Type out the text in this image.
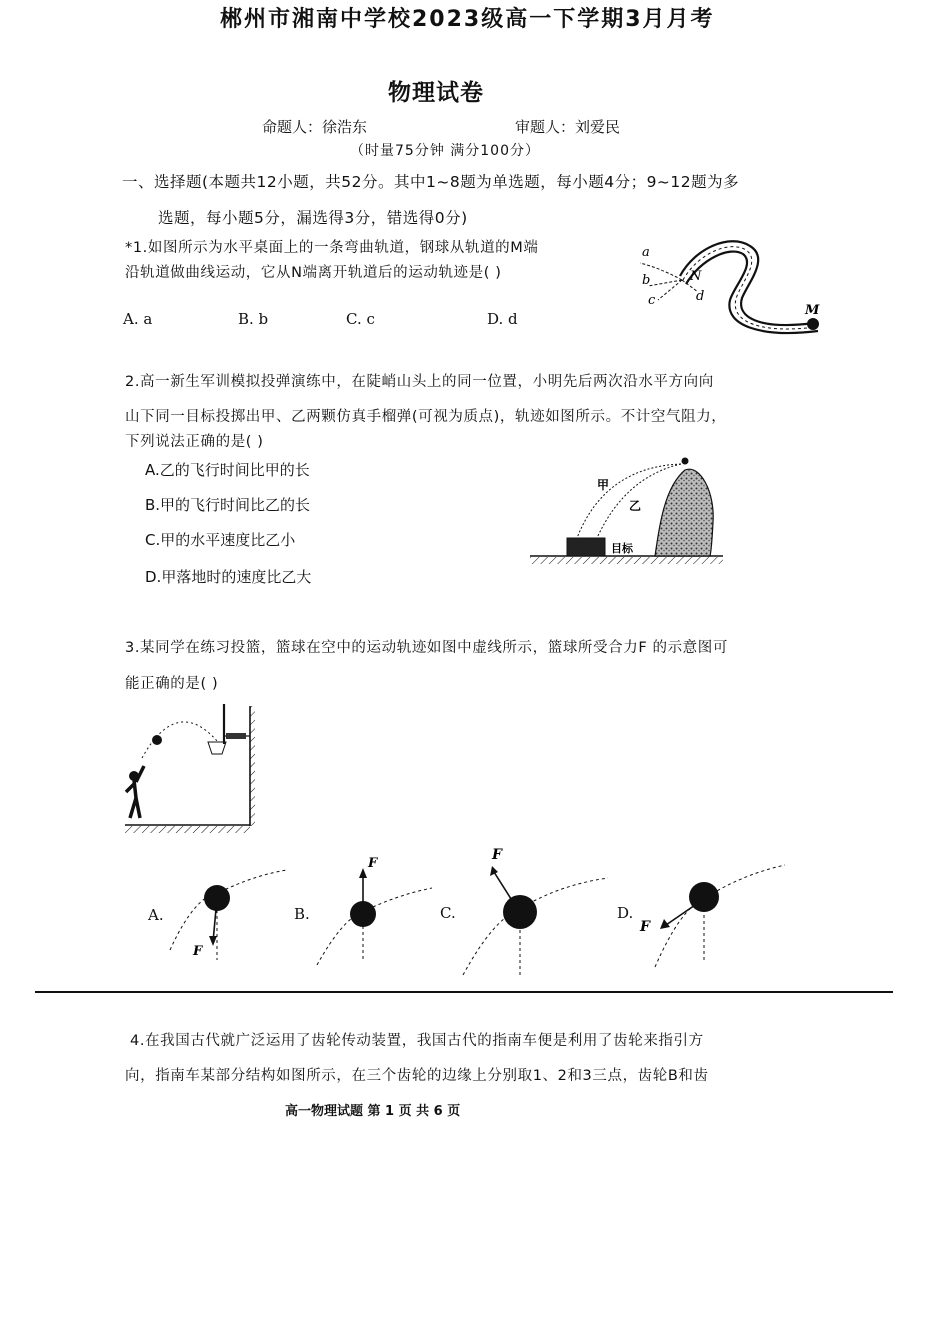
郴州市湘南中学校2023级高一下学期3月月考
物理试卷
命题人：徐浩东	审题人：刘爱民
（时量75分钟 满分100分）
一、选择题(本题共12小题，共52分。其中1~8题为单选题，每小题4分；9~12题为多
选题，每小题5分，漏选得3分，错选得0分)
*1.如图所示为水平桌面上的一条弯曲轨道，钢球从轨道的M端
沿轨道做曲线运动，它从N端离开轨道后的运动轨迹是( )
A. a	B. b	C. c	D. d
a
b
c	d
N
M
2.高一新生军训模拟投弹演练中，在陡峭山头上的同一位置，小明先后两次沿水平方向向
山下同一目标投掷出甲、乙两颗仿真手榴弹(可视为质点)，轨迹如图所示。不计空气阻力，
下列说法正确的是( )
A.乙的飞行时间比甲的长
B.甲的飞行时间比乙的长
C.甲的水平速度比乙小
D.甲落地时的速度比乙大
甲
乙
目标
3.某同学在练习投篮，篮球在空中的运动轨迹如图中虚线所示，篮球所受合力F 的示意图可
能正确的是( )
A.	B.	C.	D.
F
F
F
F
4.在我国古代就广泛运用了齿轮传动装置，我国古代的指南车便是利用了齿轮来指引方
向，指南车某部分结构如图所示，在三个齿轮的边缘上分别取1、2和3三点，齿轮B和齿
高一物理试题 第 1 页 共 6 页
